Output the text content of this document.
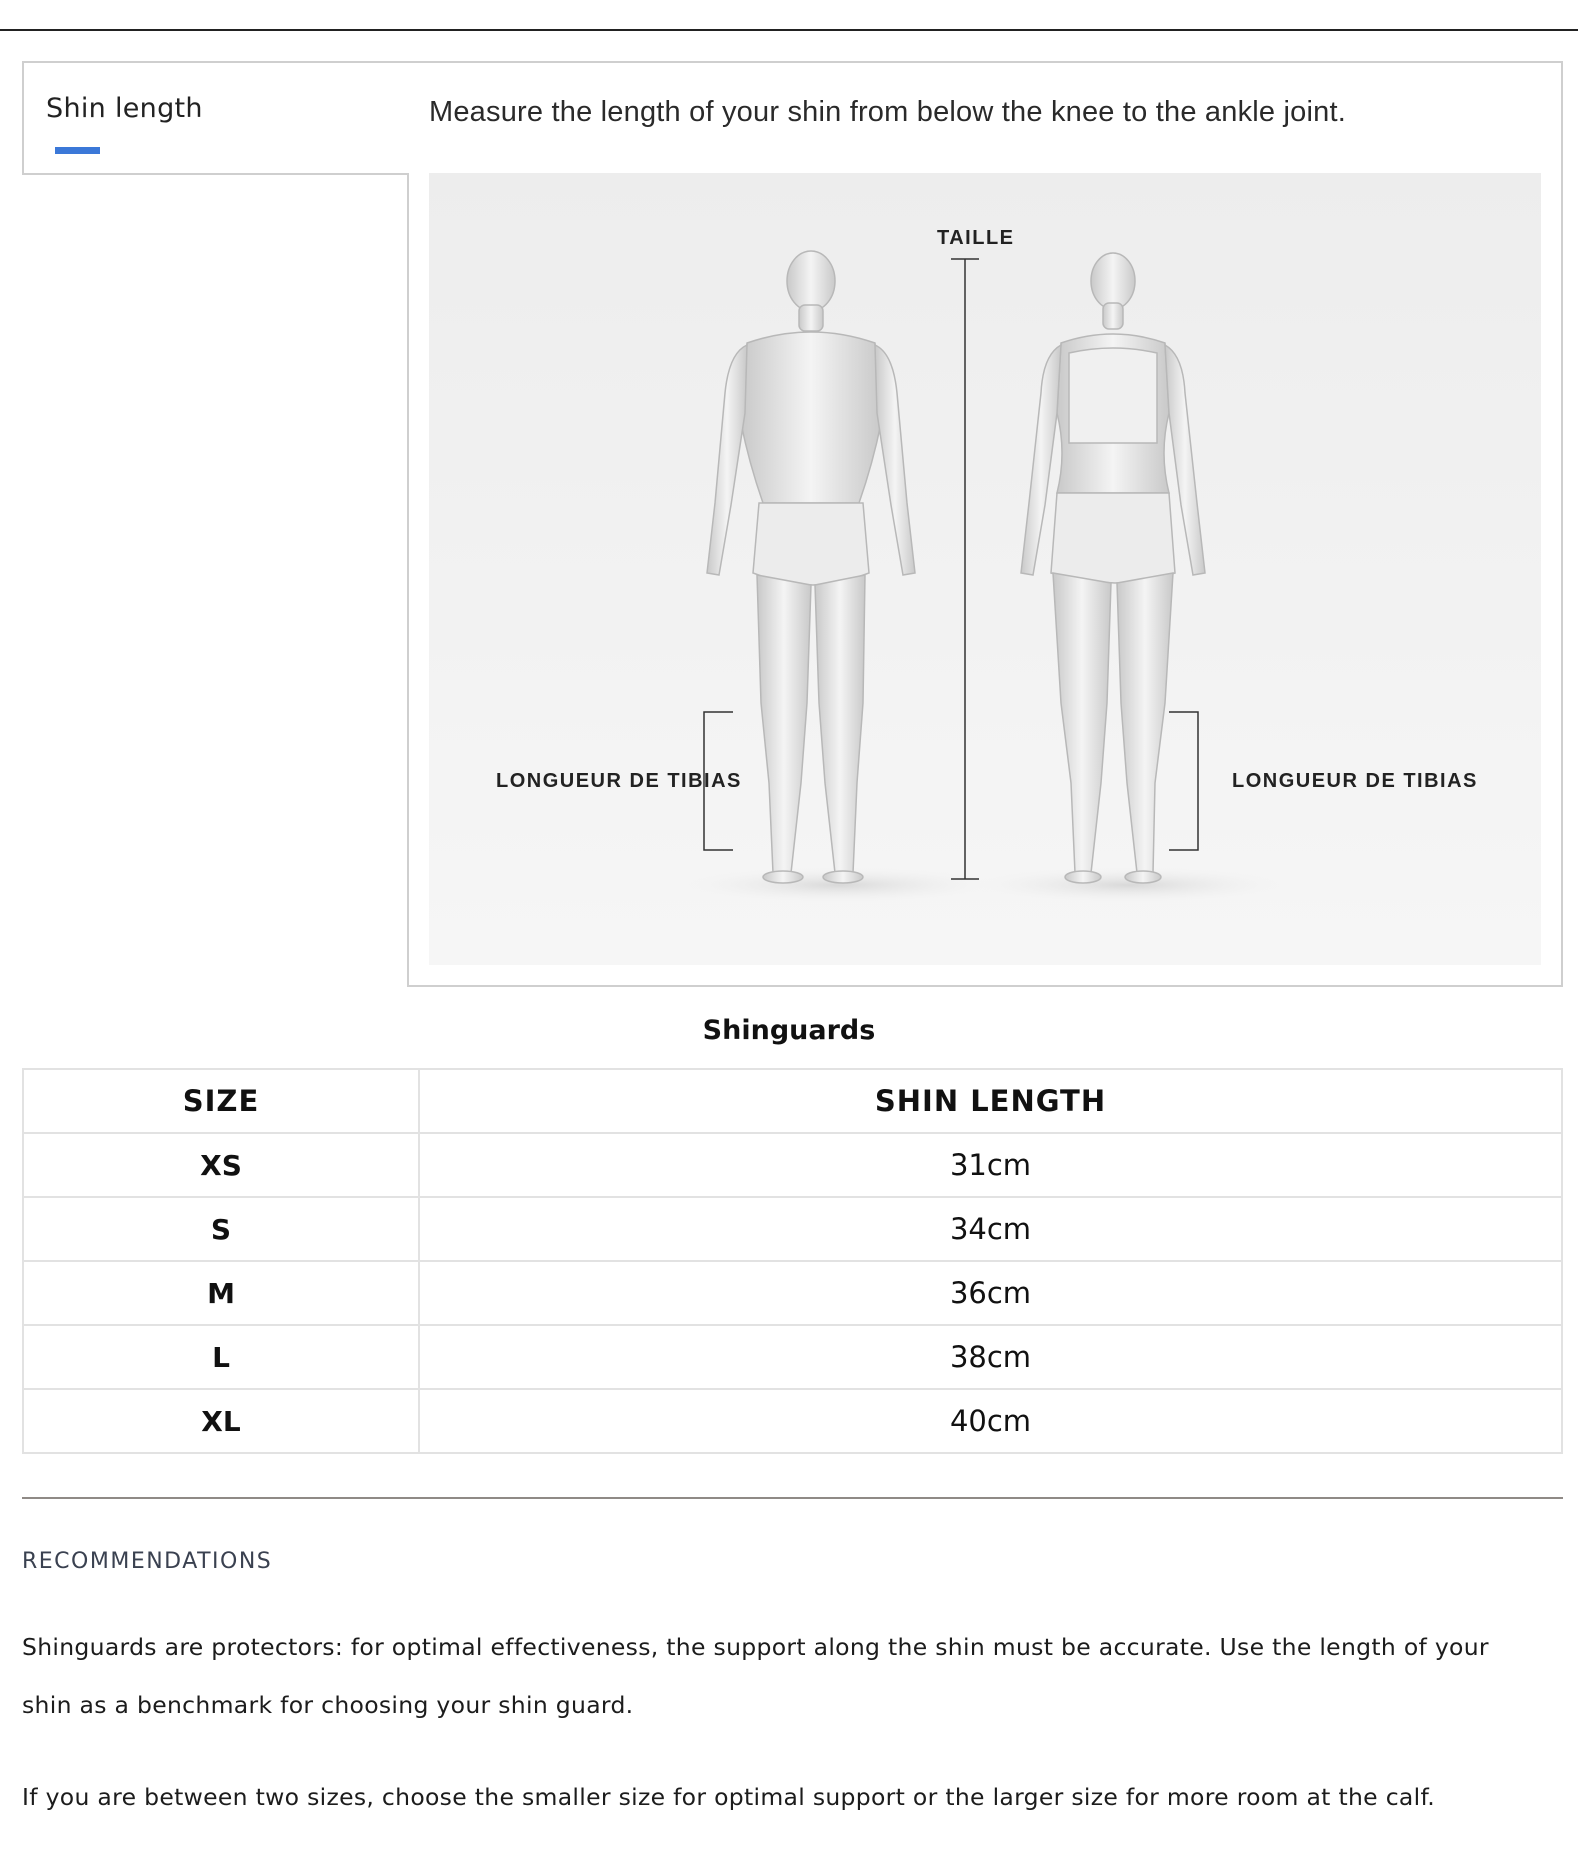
Shin length	Measure the length of your shin from below the knee to the ankle joint.
TAILLE
LONGUEUR DE TIBIAS	LONGUEUR DE TIBIAS
Shinguards
SIZE	SHIN LENGTH
XS	31cm
S	34cm
M	36cm
L	38cm
XL	40cm
RECOMMENDATIONS
Shinguards are protectors: for optimal effectiveness, the support along the shin must be accurate. Use the length of your shin as a benchmark for choosing your shin guard.
If you are between two sizes, choose the smaller size for optimal support or the larger size for more room at the calf.
